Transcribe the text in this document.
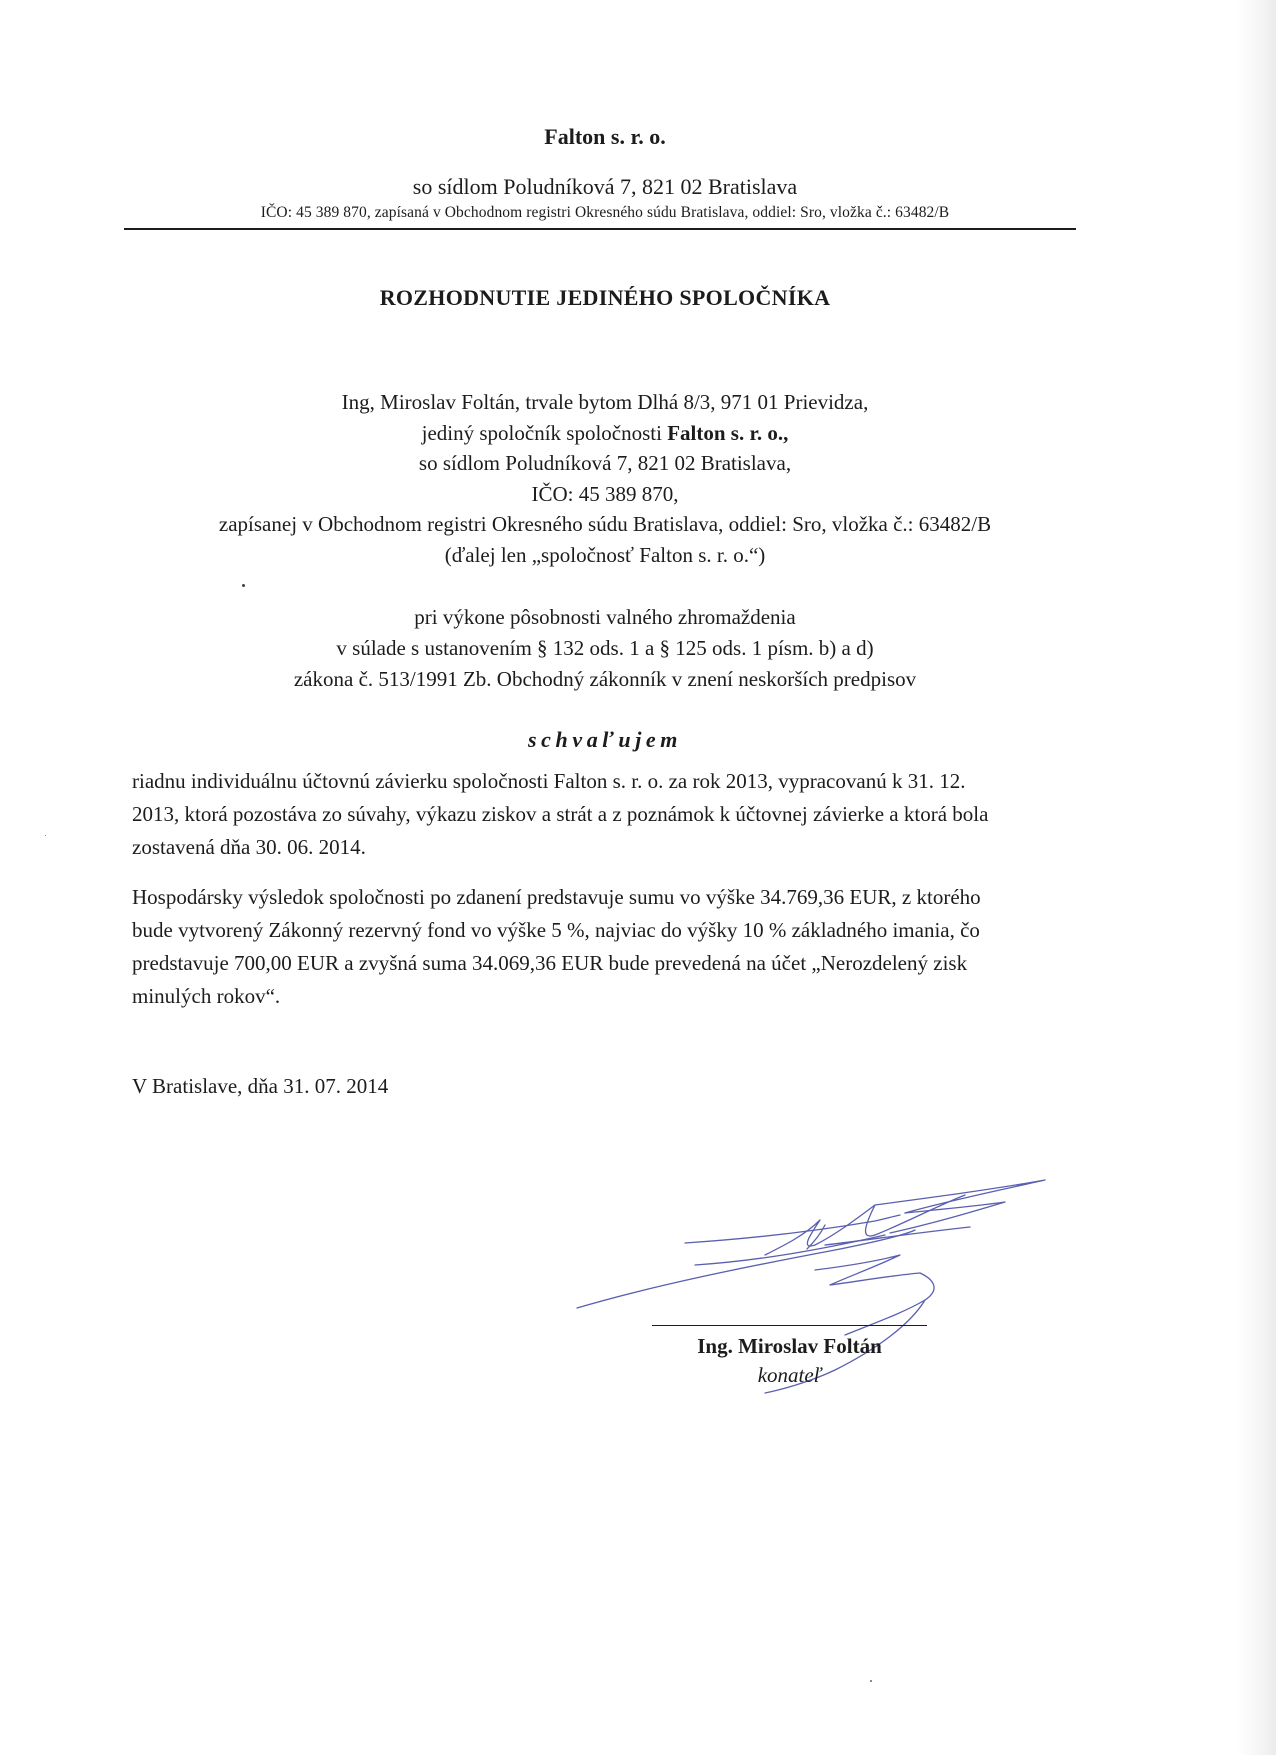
Falton s. r. o.
so sídlom Poludníková 7, 821 02 Bratislava
IČO: 45 389 870, zapísaná v Obchodnom registri Okresného súdu Bratislava, oddiel: Sro, vložka č.: 63482/B
ROZHODNUTIE JEDINÉHO SPOLOČNÍKA
Ing, Miroslav Foltán, trvale bytom Dlhá 8/3, 971 01 Prievidza,
jediný spoločník spoločnosti Falton s. r. o.,
so sídlom Poludníková 7, 821 02 Bratislava,
IČO: 45 389 870,
zapísanej v Obchodnom registri Okresného súdu Bratislava, oddiel: Sro, vložka č.: 63482/B
(ďalej len „spoločnosť Falton s. r. o.“)
pri výkone pôsobnosti valného zhromaždenia
v súlade s ustanovením § 132 ods. 1 a § 125 ods. 1 písm. b) a d)
zákona č. 513/1991 Zb. Obchodný zákonník v znení neskorších predpisov
schvaľujem
riadnu individuálnu účtovnú závierku spoločnosti Falton s. r. o. za rok 2013, vypracovanú k 31. 12.
2013, ktorá pozostáva zo súvahy, výkazu ziskov a strát a z poznámok k účtovnej závierke a ktorá bola
zostavená dňa 30. 06. 2014.
Hospodársky výsledok spoločnosti po zdanení predstavuje sumu vo výške 34.769,36 EUR, z ktorého
bude vytvorený Zákonný rezervný fond vo výške 5 %, najviac do výšky 10 % základného imania, čo
predstavuje 700,00 EUR a zvyšná suma 34.069,36 EUR bude prevedená na účet „Nerozdelený zisk
minulých rokov“.
V Bratislave, dňa 31. 07. 2014
Ing. Miroslav Foltán
konateľ
